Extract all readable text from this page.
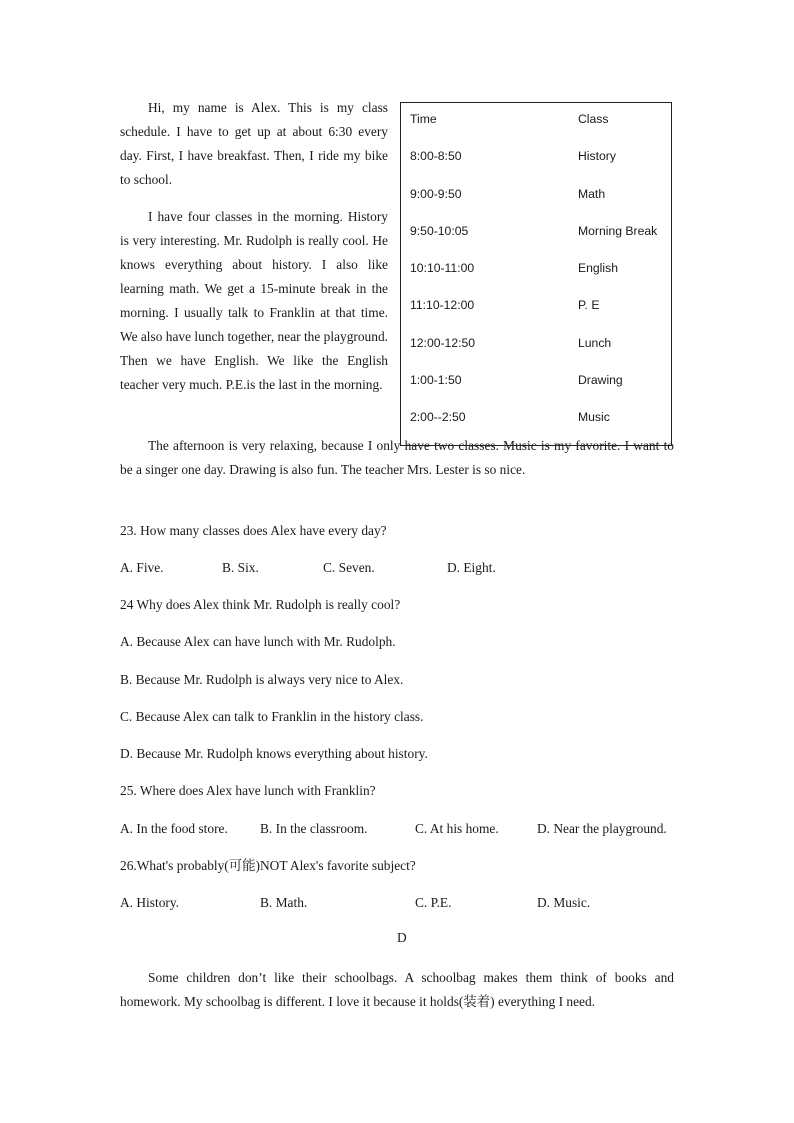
Hi, my name is Alex. This is my class schedule. I have to get up at about 6:30 every day. First, I have breakfast. Then, I ride my bike to school.

I have four classes in the morning. History is very interesting. Mr. Rudolph is really cool. He knows everything about history. I also like learning math. We get a 15-minute break in the morning. I usually talk to Franklin at that time. We also have lunch together, near the playground. Then we have English. We like the English teacher very much. P.E.is the last in the morning.

The afternoon is very relaxing, because I only have two classes. Music is my favorite. I want to be a singer one day. Drawing is also fun. The teacher Mrs. Lester is so nice.

Time	Class
8:00-8:50	History
9:00-9:50	Math
9:50-10:05	Morning Break
10:10-11:00	English
11:10-12:00	P. E
12:00-12:50	Lunch
1:00-1:50	Drawing
2:00--2:50	Music
23. How many classes does Alex have every day?
A. Five.	B. Six.	C. Seven.	D. Eight.
24 Why does Alex think Mr. Rudolph is really cool?
A. Because Alex can have lunch with Mr. Rudolph.
B. Because Mr. Rudolph is always very nice to Alex.
C. Because Alex can talk to Franklin in the history class.
D. Because Mr. Rudolph knows everything about history.
25. Where does Alex have lunch with Franklin?
A. In the food store. B. In the classroom.	C. At his home.	D. Near the playground.
26.What's probably(可能)NOT Alex's favorite subject?
A. History.	B. Math.	C. P.E.	D. Music.
D

Some children don’t like their schoolbags. A schoolbag makes them think of books and homework. My schoolbag is different. I love it because it holds(装着) everything I need.
